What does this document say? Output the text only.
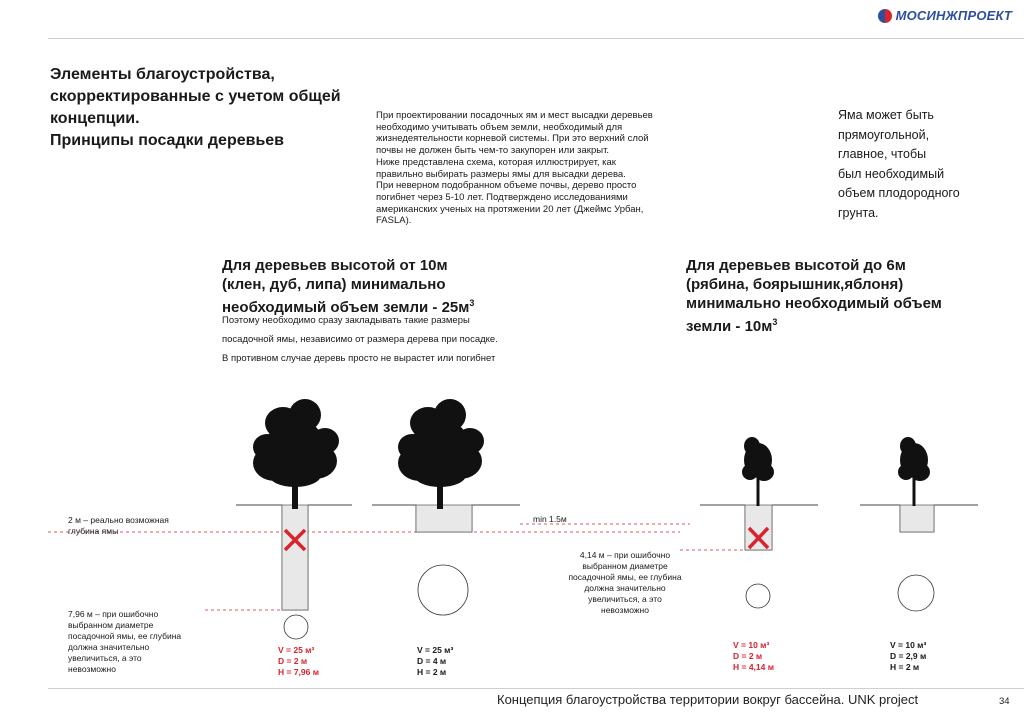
МОСИНЖПРОЕКТ
Элементы благоустройства,
скорректированные с учетом общей
концепции.
Принципы посадки деревьев
При проектировании посадочных ям и мест высадки деревьев
необходимо учитывать объем земли, необходимый для
жизнедеятельности корневой системы. При это верхний слой
почвы не должен быть чем-то закупорен или закрыт.
Ниже представлена схема, которая иллюстрирует, как
правильно выбирать размеры ямы для высадки дерева.
При неверном подобранном объеме почвы, дерево просто
погибнет через 5-10 лет. Подтверждено исследованиями
американских ученых на протяжении 20 лет (Джеймс Урбан,
FASLA).
Яма может быть
прямоугольной,
главное, чтобы
был необходимый
объем плодородного
грунта.
Для деревьев высотой от 10м
(клен, дуб, липа) минимально
необходимый объем земли - $25м^3$
Поэтому необходимо сразу закладывать такие размеры
посадочной ямы, независимо от размера дерева при посадке.
В противном случае деревь просто не вырастет или погибнет
Для деревьев высотой до 6м
(рябина, боярышник,яблоня)
минимально необходимый объем
земли - $10м^3$
2 м – реально возможная
глубина ямы
min 1.5м
7,96 м – при ошибочно
выбранном диаметре
посадочной ямы, ее глубина
должна значительно
увеличиться, а это
невозможно
4,14 м – при ошибочно
выбранном диаметре
посадочной ямы, ее глубина
должна значительно
увеличиться, а это
невозможно
V = 25 м³
D = 2 м
H = 7,96 м
V = 25 м³
D = 4 м
H = 2 м
V = 10 м³
D = 2 м
H = 4,14 м
V = 10 м³
D = 2,9 м
H = 2 м
Концепция благоустройства территории вокруг бассейна. UNK project	34
